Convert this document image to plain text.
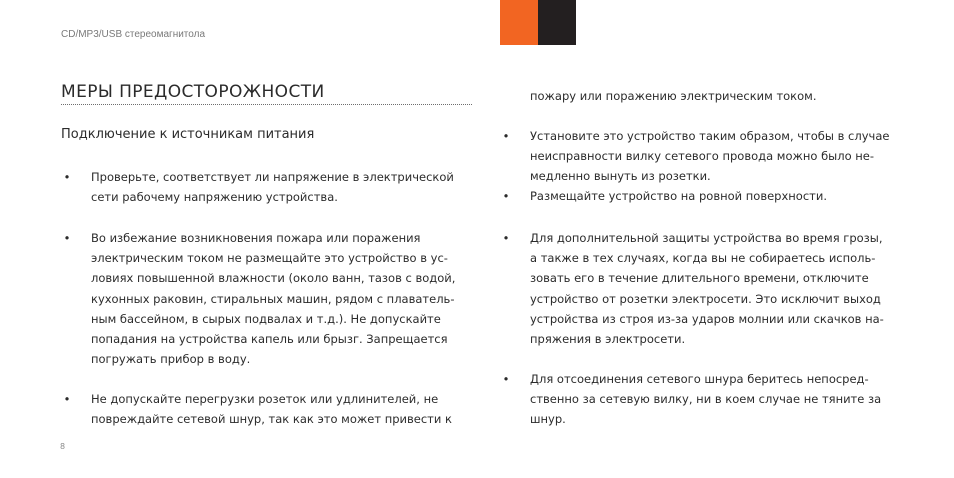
CD/MP3/USB стереомагнитола
МЕРЫ ПРЕДОСТОРОЖНОСТИ
Подключение к источникам питания
• Проверьте, соответствует ли напряжение в электрической
сети рабочему напряжению устройства.
• Во избежание возникновения пожара или поражения
электрическим током не размещайте это устройство в ус-
ловиях повышенной влажности (около ванн, тазов с водой,
кухонных раковин, стиральных машин, рядом с плаватель-
ным бассейном, в сырых подвалах и т.д.). Не допускайте
попадания на устройства капель или брызг. Запрещается
погружать прибор в воду.
• Не допускайте перегрузки розеток или удлинителей, не
повреждайте сетевой шнур, так как это может привести к
пожару или поражению электрическим током.
• Установите это устройство таким образом, чтобы в случае
неисправности вилку сетевого провода можно было не-
медленно вынуть из розетки.
• Размещайте устройство на ровной поверхности.
• Для дополнительной защиты устройства во время грозы,
а также в тех случаях, когда вы не собираетесь исполь-
зовать его в течение длительного времени, отключите
устройство от розетки электросети. Это исключит выход
устройства из строя из-за ударов молнии или скачков на-
пряжения в электросети.
• Для отсоединения сетевого шнура беритесь непосред-
ственно за сетевую вилку, ни в коем случае не тяните за
шнур.
8
